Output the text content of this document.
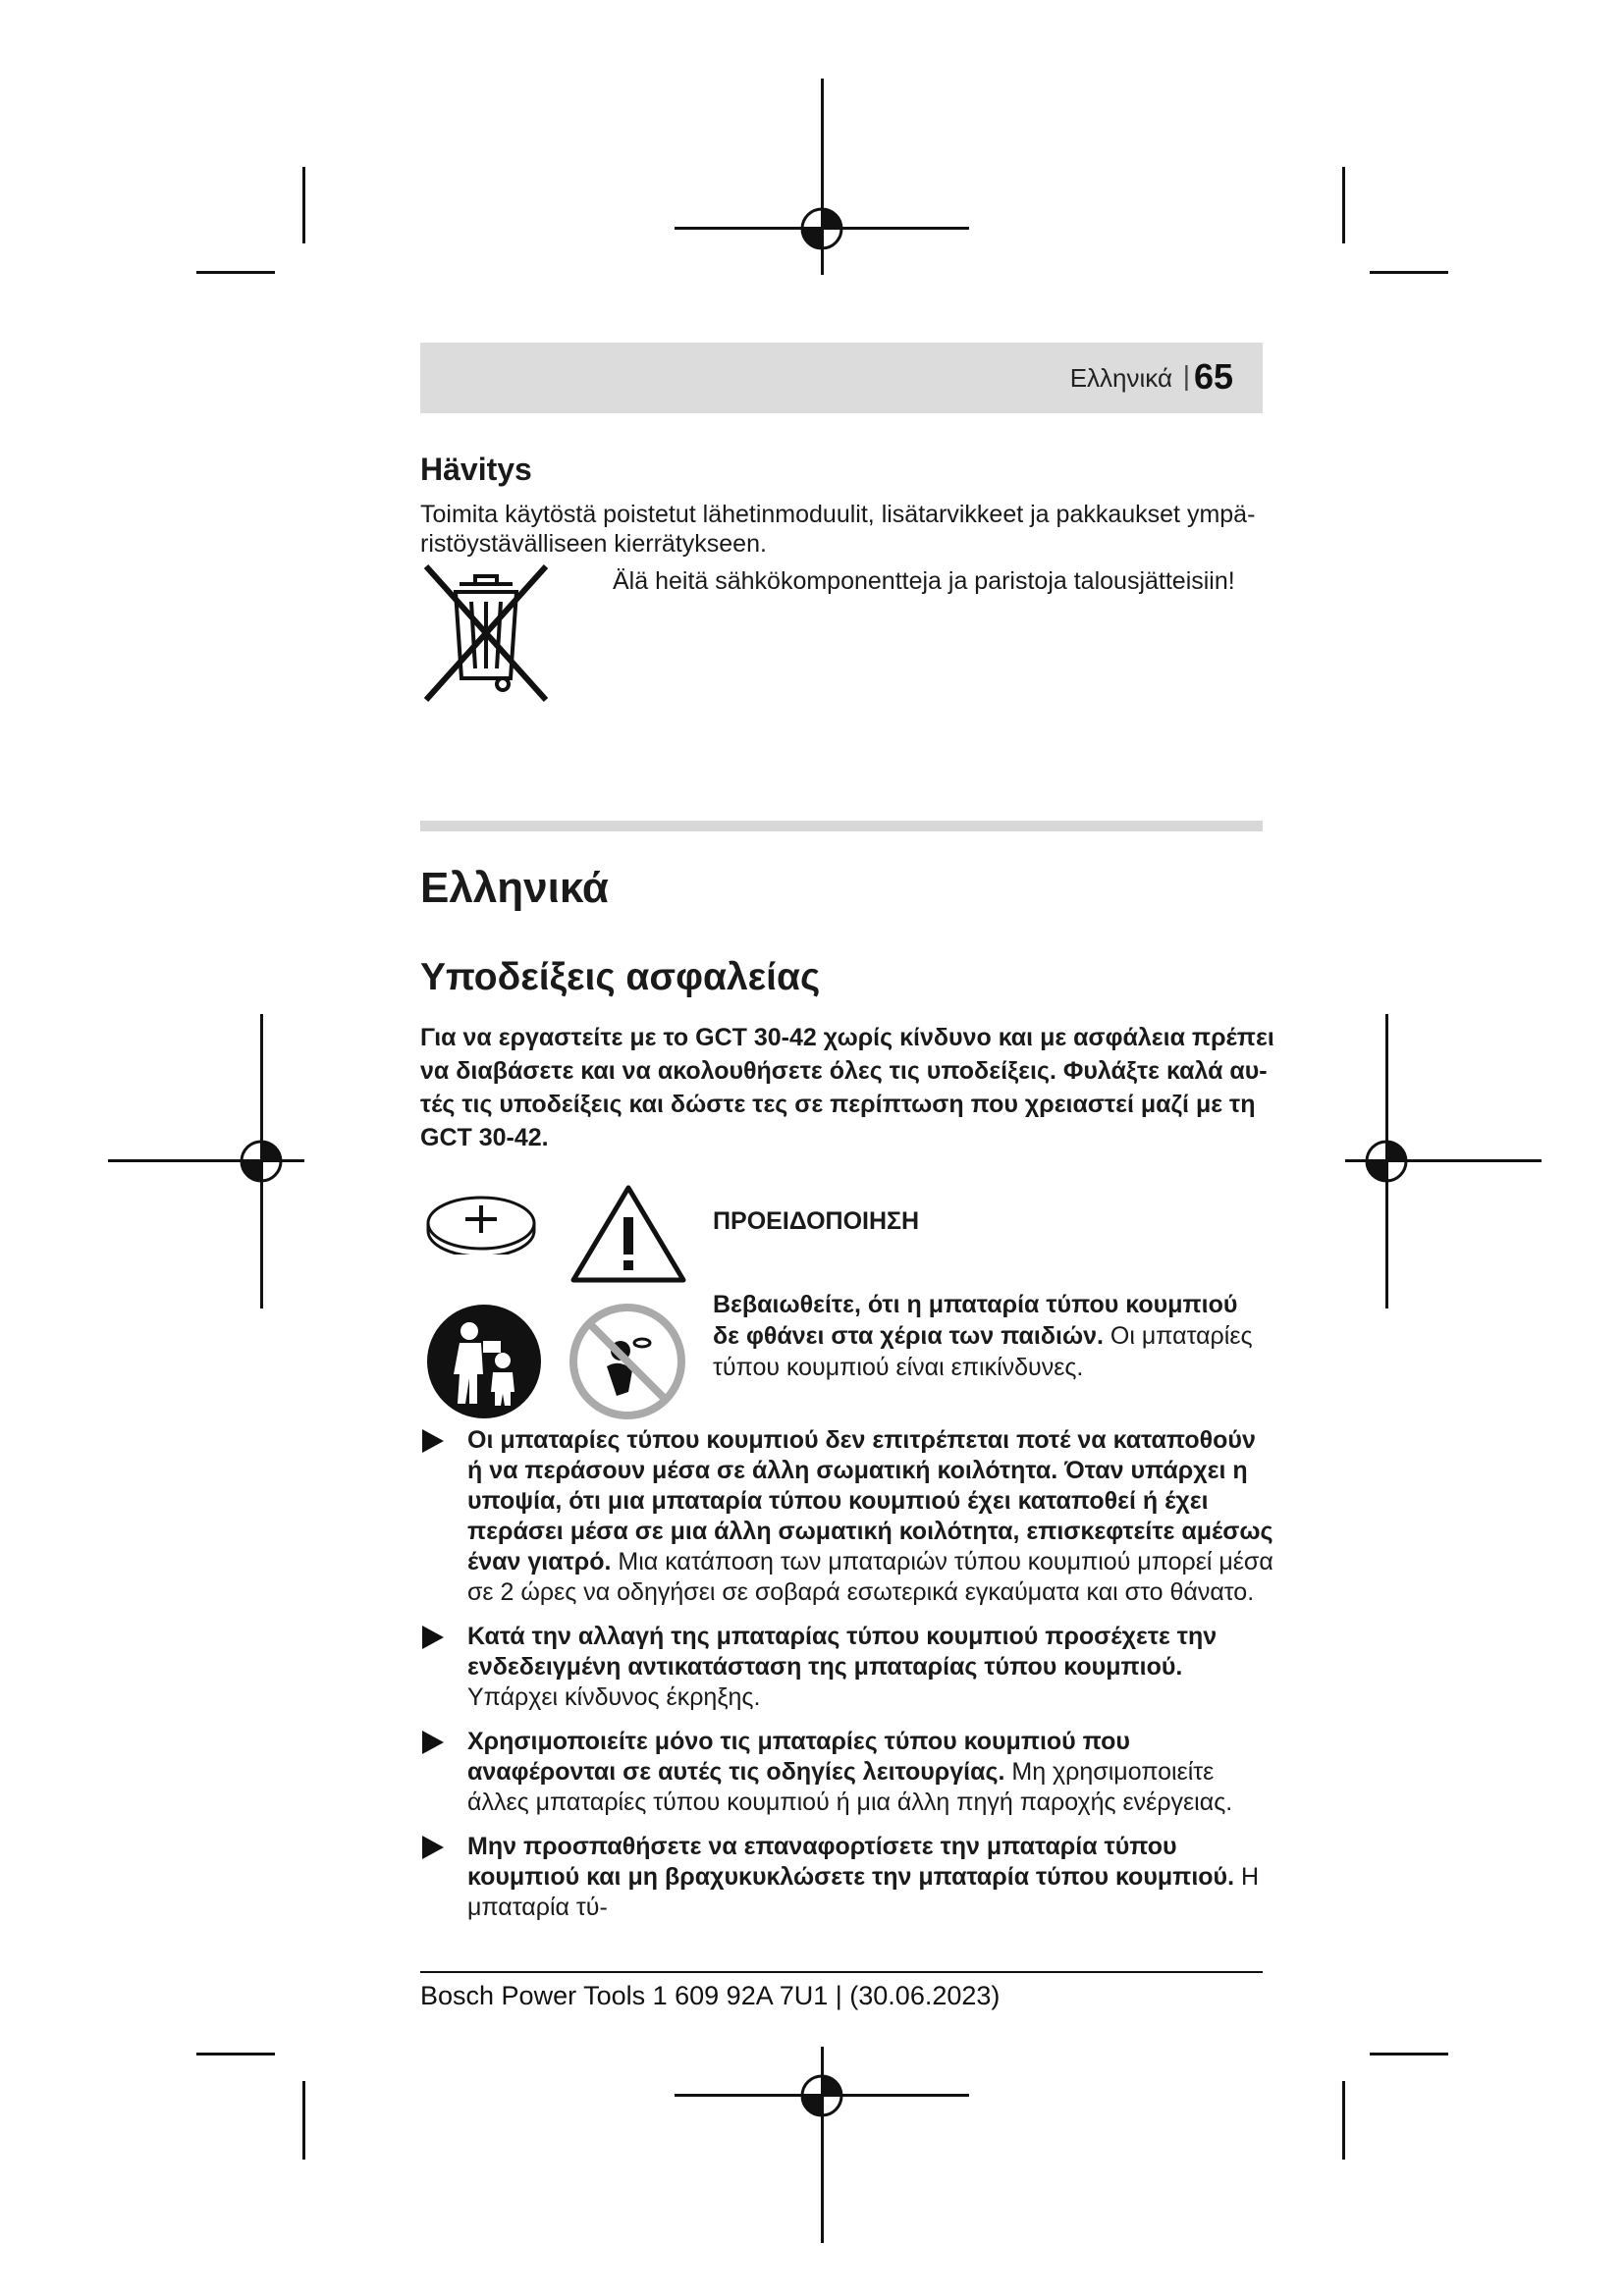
Ελληνικά | 65
Hävitys

Toimita käytöstä poistetut lähetinmoduulit, lisätarvikkeet ja pakkaukset ympäristöystävälliseen kierrätykseen.

Älä heitä sähkökomponentteja ja paristoja talousjätteisiin!

Ελληνικά
Υποδείξεις ασφαλείας

Για να εργαστείτε με το GCT 30-42 χωρίς κίνδυνο και με ασφάλεια πρέπει να διαβάσετε και να ακολουθήσετε όλες τις υποδείξεις. Φυλάξτε καλά αυτές τις υποδείξεις και δώστε τες σε περίπτωση που χρειαστεί μαζί με τη GCT 30-42.

ΠΡΟΕΙΔΟΠΟΙΗΣΗ

Βεβαιωθείτε, ότι η μπαταρία τύπου κουμπιού δε φθάνει στα χέρια των παιδιών. Οι μπαταρίες τύπου κουμπιού είναι επικίνδυνες.

Οι μπαταρίες τύπου κουμπιού δεν επιτρέπεται ποτέ να καταποθούν ή να περάσουν μέσα σε άλλη σωματική κοιλότητα. Όταν υπάρχει η υποψία, ότι μια μπαταρία τύπου κουμπιού έχει καταποθεί ή έχει περάσει μέσα σε μια άλλη σωματική κοιλότητα, επισκεφτείτε αμέσως έναν γιατρό. Μια κατάποση των μπαταριών τύπου κουμπιού μπορεί μέσα σε 2 ώρες να οδηγήσει σε σοβαρά εσωτερικά εγκαύματα και στο θάνατο.
Κατά την αλλαγή της μπαταρίας τύπου κουμπιού προσέχετε την ενδεδειγμένη αντικατάσταση της μπαταρίας τύπου κουμπιού. Υπάρχει κίνδυνος έκρηξης.
Χρησιμοποιείτε μόνο τις μπαταρίες τύπου κουμπιού που αναφέρονται σε αυτές τις οδηγίες λειτουργίας. Μη χρησιμοποιείτε άλλες μπαταρίες τύπου κουμπιού ή μια άλλη πηγή παροχής ενέργειας.
Μην προσπαθήσετε να επαναφορτίσετε την μπαταρία τύπου κουμπιού και μη βραχυκυκλώσετε την μπαταρία τύπου κουμπιού. Η μπαταρία τύ-
Bosch Power Tools 1 609 92A 7U1 | (30.06.2023)
